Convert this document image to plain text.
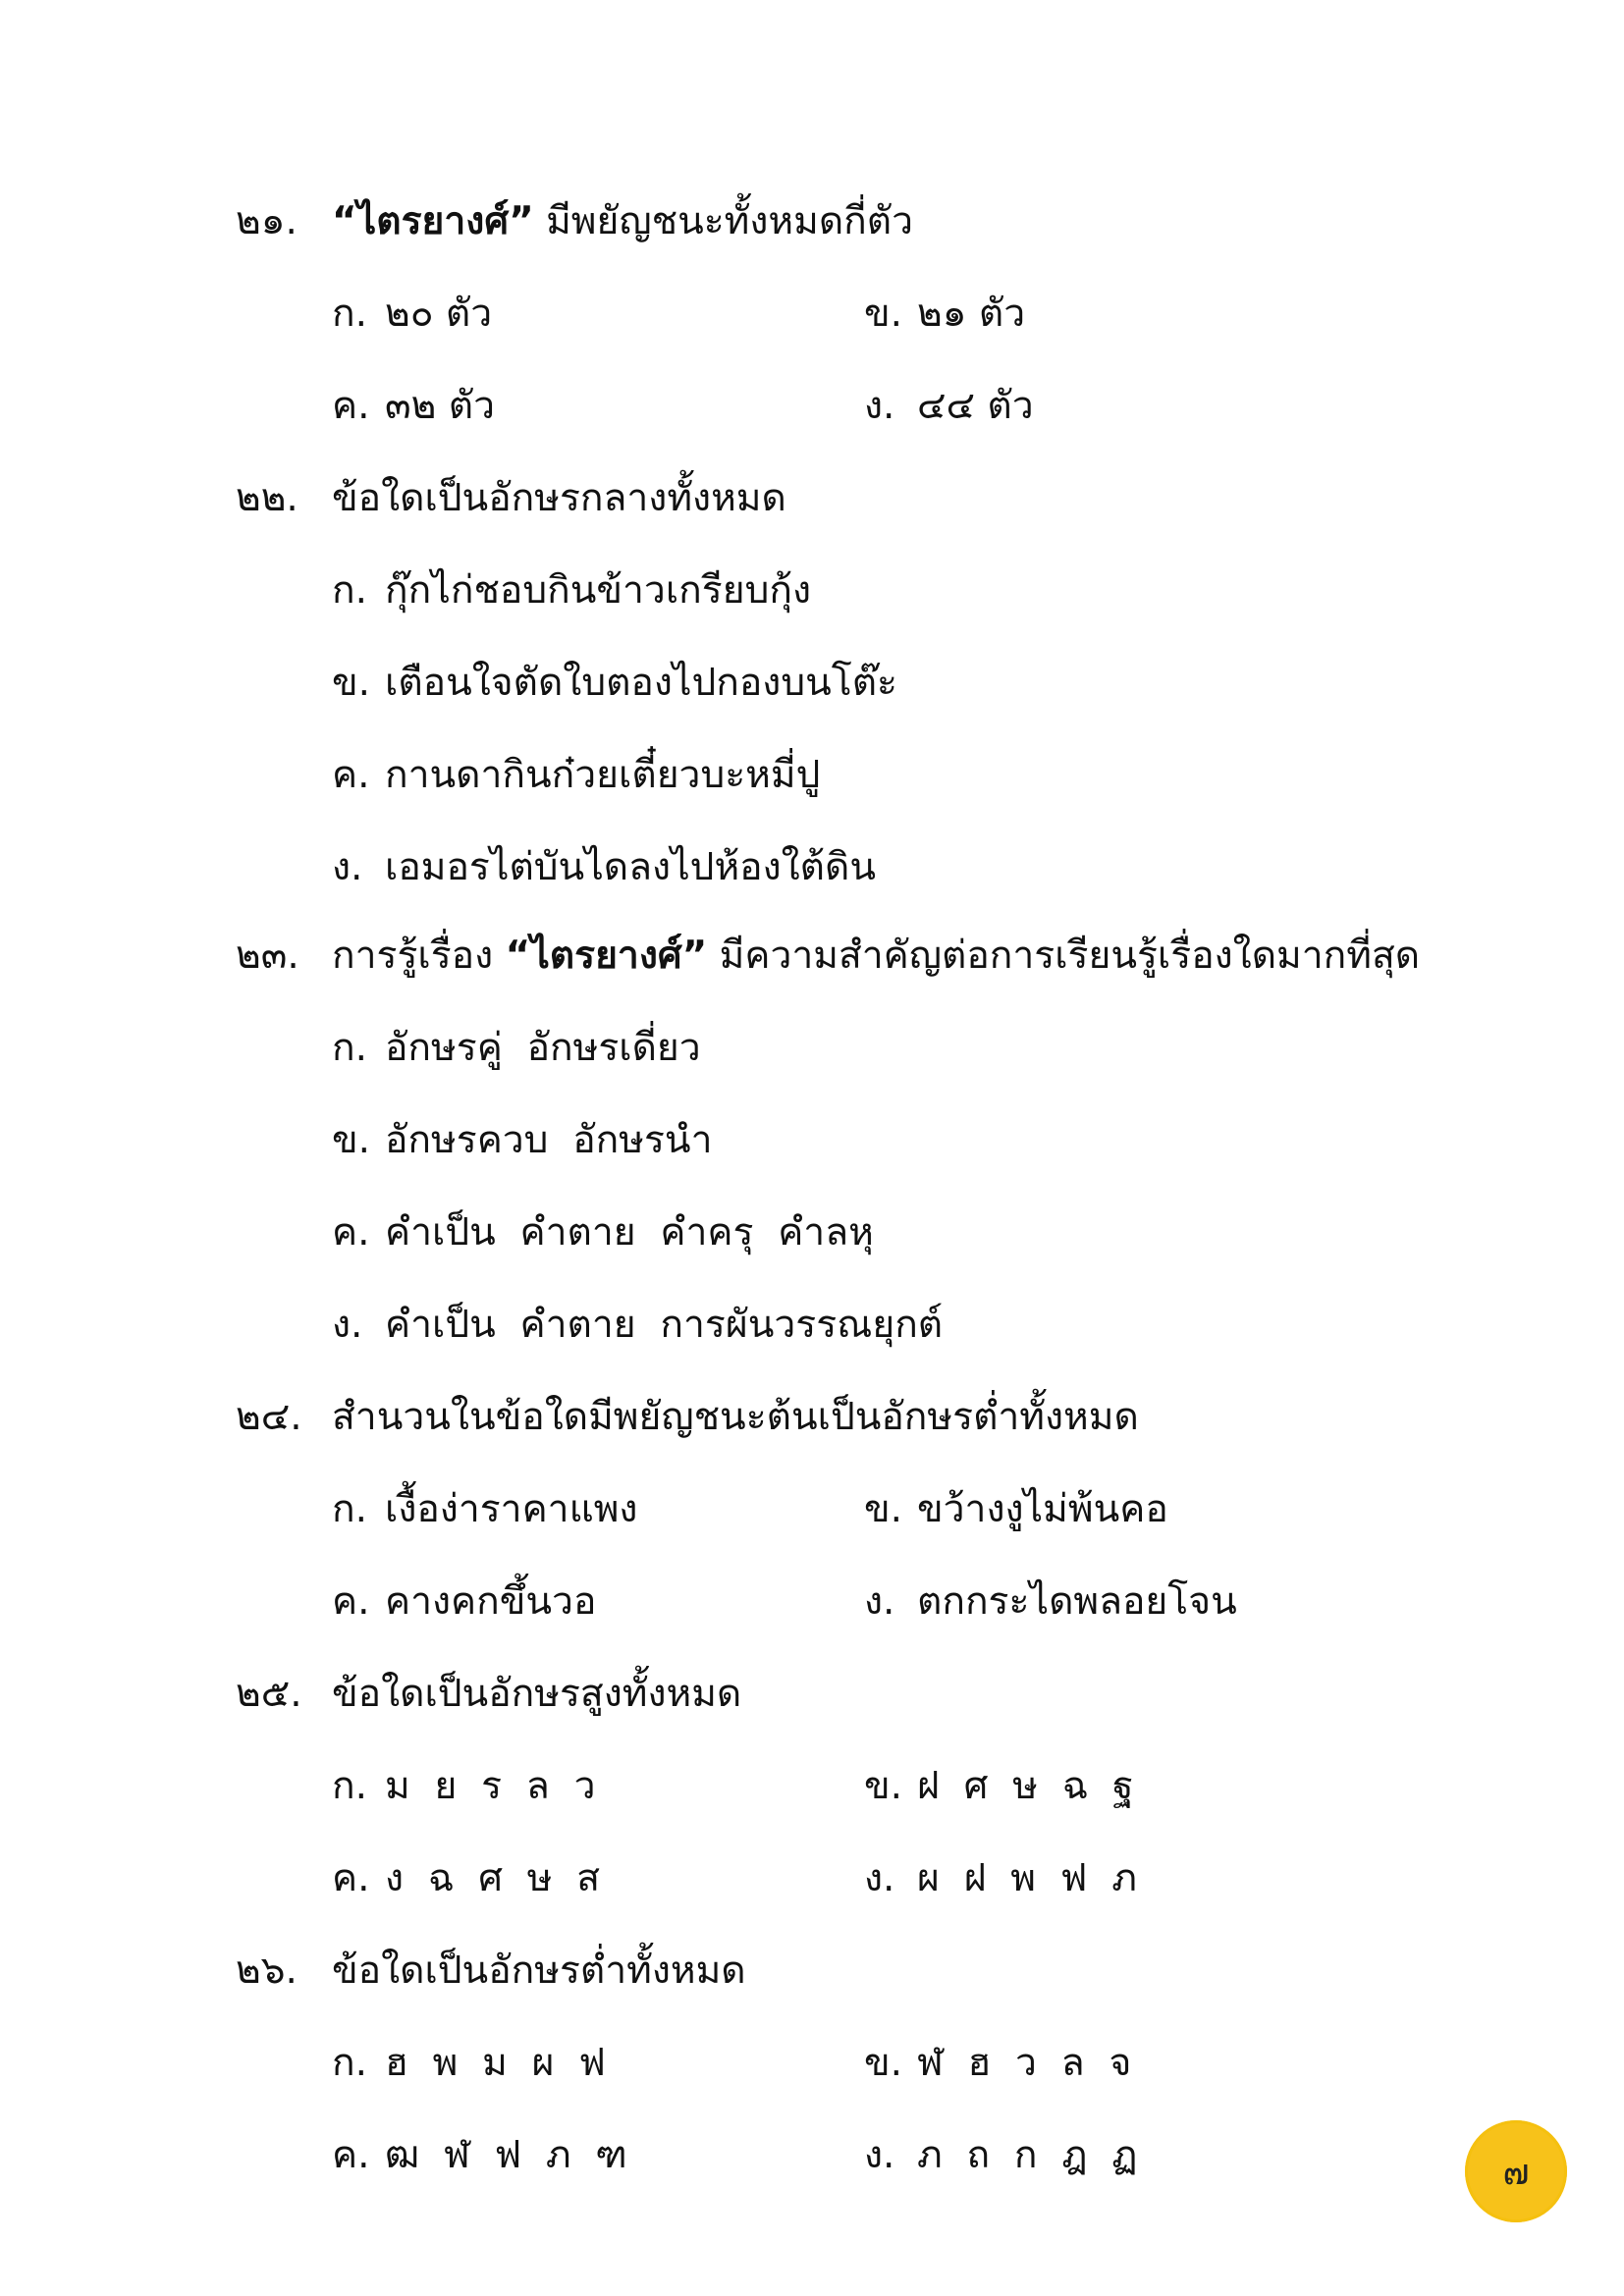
๒๑. “ไตรยางศ์” มีพยัญชนะทั้งหมดกี่ตัว
ก. ๒๐ ตัว	ข. ๒๑ ตัว
ค. ๓๒ ตัว	ง. ๔๔ ตัว
๒๒. ข้อใดเป็นอักษรกลางทั้งหมด
ก. กุ๊กไก่ชอบกินข้าวเกรียบกุ้ง
ข. เตือนใจตัดใบตองไปกองบนโต๊ะ
ค. กานดากินก๋วยเตี๋ยวบะหมี่ปู
ง. เอมอรไต่บันไดลงไปห้องใต้ดิน
๒๓. การรู้เรื่อง “ไตรยางศ์” มีความสำคัญต่อการเรียนรู้เรื่องใดมากที่สุด
ก. อักษรคู่  อักษรเดี่ยว
ข. อักษรควบ  อักษรนำ
ค. คำเป็น  คำตาย  คำครุ  คำลหุ
ง. คำเป็น  คำตาย  การผันวรรณยุกต์
๒๔. สำนวนในข้อใดมีพยัญชนะต้นเป็นอักษรต่ำทั้งหมด
ก. เงื้อง่าราคาแพง	ข. ขว้างงูไม่พ้นคอ
ค. คางคกขึ้นวอ	ง. ตกกระไดพลอยโจน
๒๕. ข้อใดเป็นอักษรสูงทั้งหมด
ก. ม  ย  ร  ล  ว	ข. ฝ  ศ  ษ  ฉ  ฐ
ค. ง  ฉ  ศ  ษ  ส	ง. ผ  ฝ  พ  ฟ  ภ
๒๖. ข้อใดเป็นอักษรต่ำทั้งหมด
ก. ฮ  พ  ม  ผ  ฟ	ข. ฬ  ฮ  ว  ล  จ
ค. ฒ  ฬ  ฟ  ภ  ฑ	ง. ภ  ถ  ก  ฎ  ฏ	๗
